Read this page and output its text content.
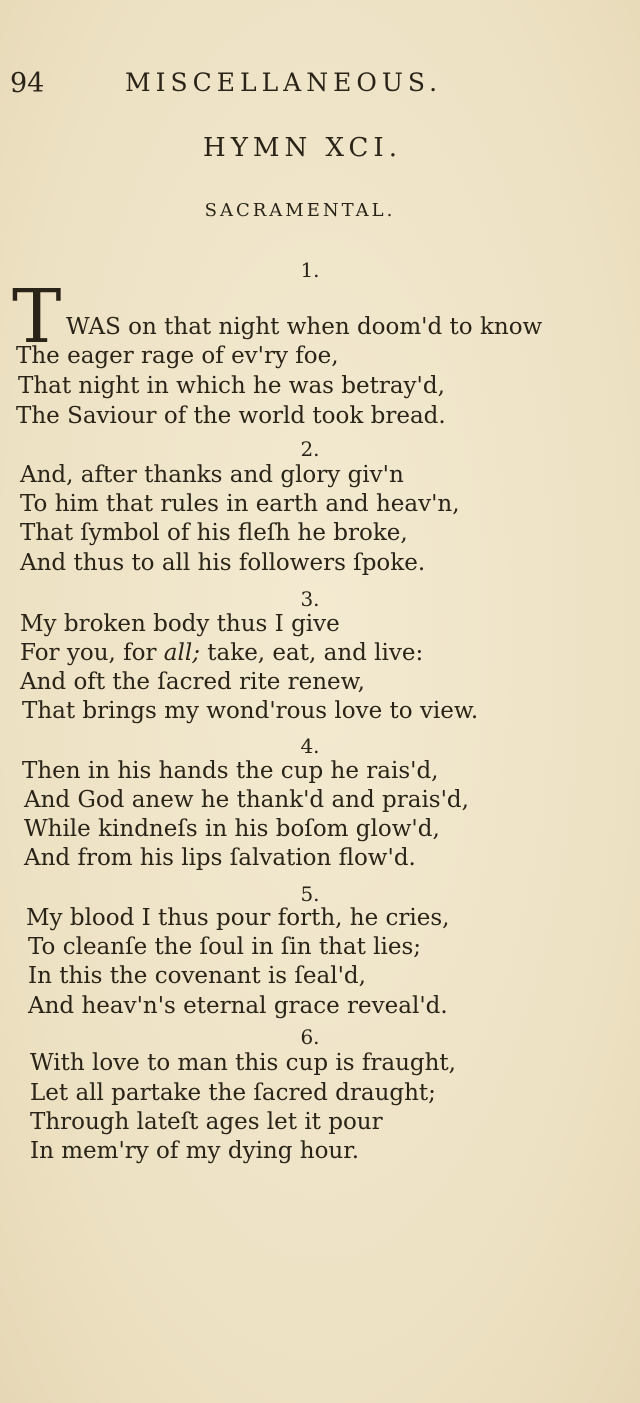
94	MISCELLANEOUS.
HYMN XCI.
SACRAMENTAL.
1.
T WAS on that night when doom'd to know
The eager rage of ev'ry foe,
That night in which he was betray'd,
The Saviour of the world took bread.
2.
And, after thanks and glory giv'n
To him that rules in earth and heav'n,
That ſymbol of his fleſh he broke,
And thus to all his followers ſpoke.
3.
My broken body thus I give
For you, for all; take, eat, and live:
And oft the ſacred rite renew,
That brings my wond'rous love to view.
4.
Then in his hands the cup he rais'd,
And God anew he thank'd and prais'd,
While kindneſs in his boſom glow'd,
And from his lips ſalvation flow'd.
5.
My blood I thus pour forth, he cries,
To cleanſe the ſoul in ſin that lies;
In this the covenant is ſeal'd,
And heav'n's eternal grace reveal'd.
6.
With love to man this cup is fraught,
Let all partake the ſacred draught;
Through lateſt ages let it pour
In mem'ry of my dying hour.
